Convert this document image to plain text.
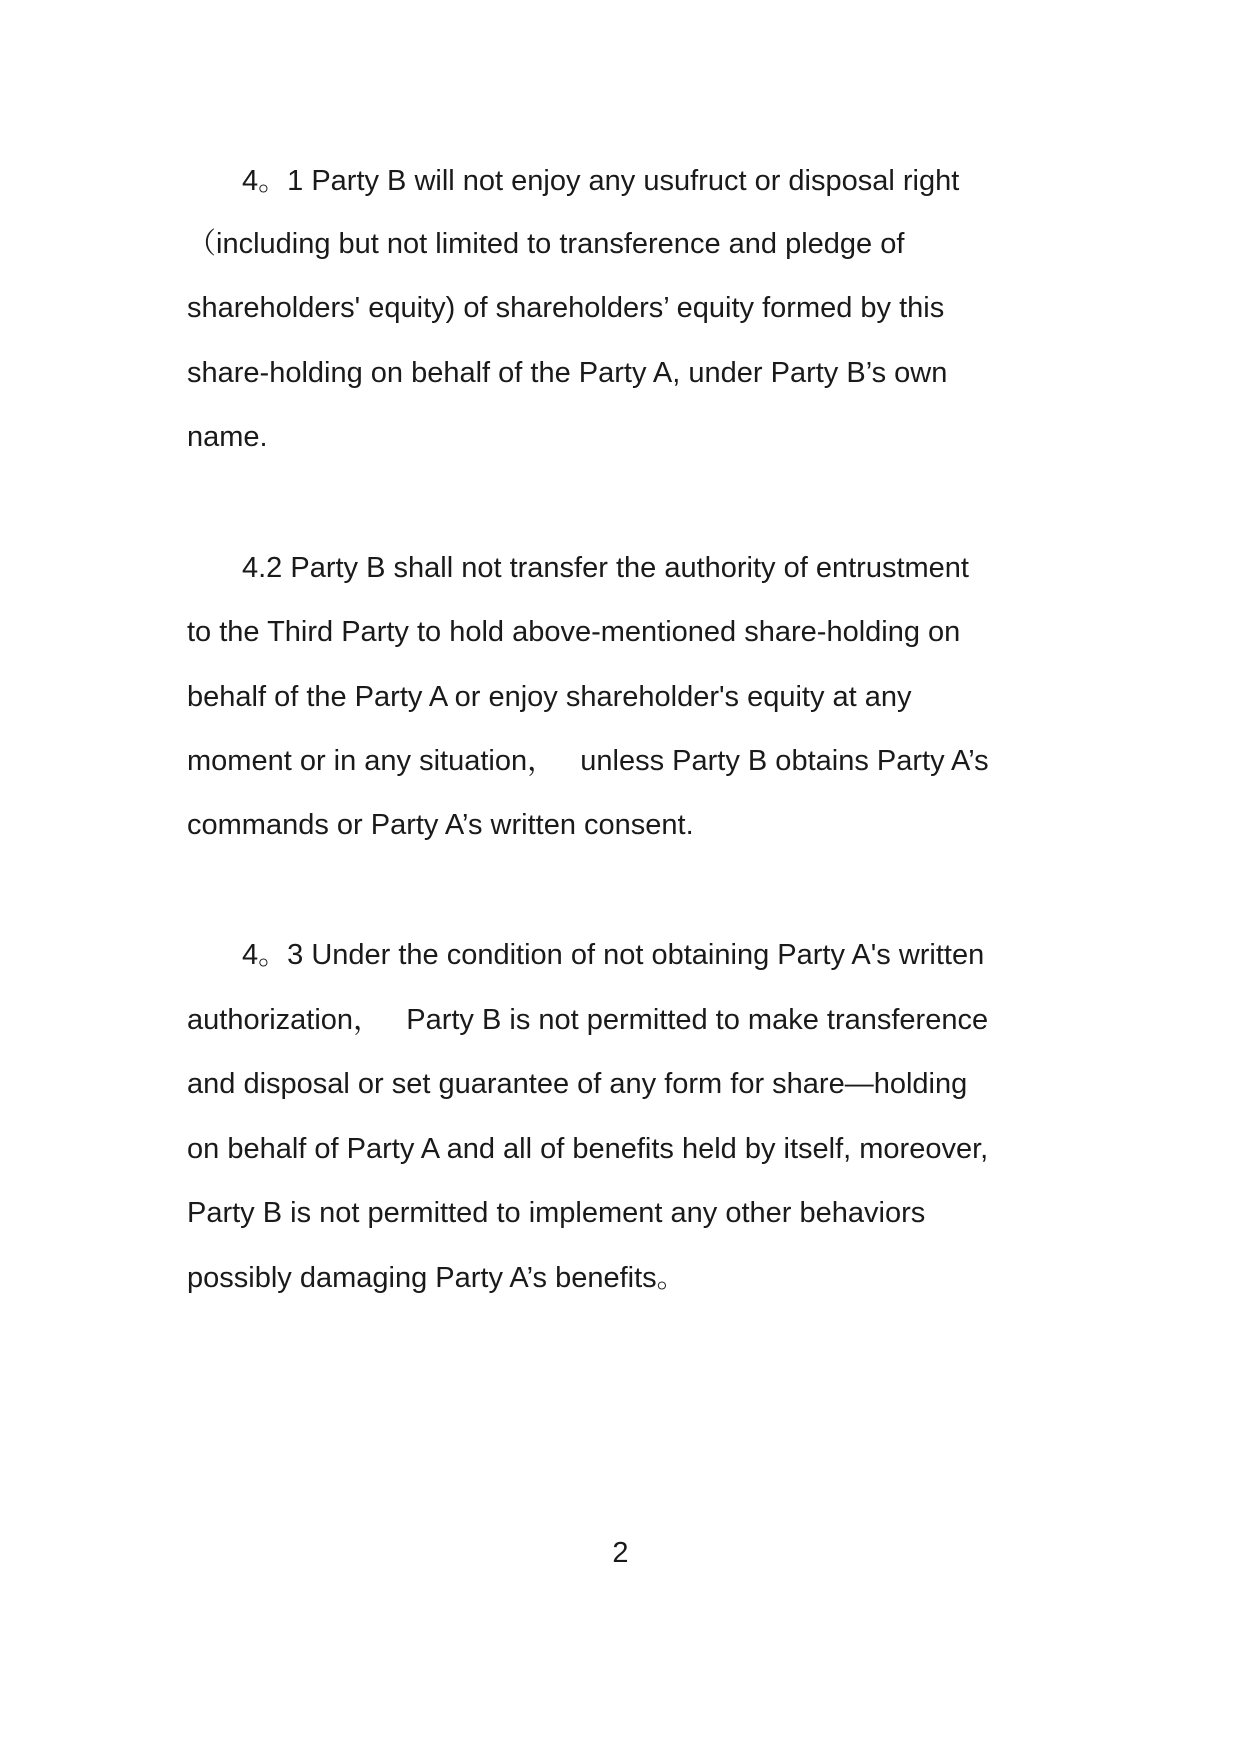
4。1 Party B will not enjoy any usufruct or disposal right
（including but not limited to transference and pledge of
shareholders' equity) of shareholders’ equity formed by this
share-holding on behalf of the Party A, under Party B’s own
name.
4.2 Party B shall not transfer the authority of entrustment
to the Third Party to hold above-mentioned share-holding on
behalf of the Party A or enjoy shareholder's equity at any
moment or in any situation，   unless Party B obtains Party A’s
commands or Party A’s written consent.
4。3 Under the condition of not obtaining Party A's written
authorization，   Party B is not permitted to make transference
and disposal or set guarantee of any form for share—holding
on behalf of Party A and all of benefits held by itself, moreover,
Party B is not permitted to implement any other behaviors
possibly damaging Party A’s benefits。
2
